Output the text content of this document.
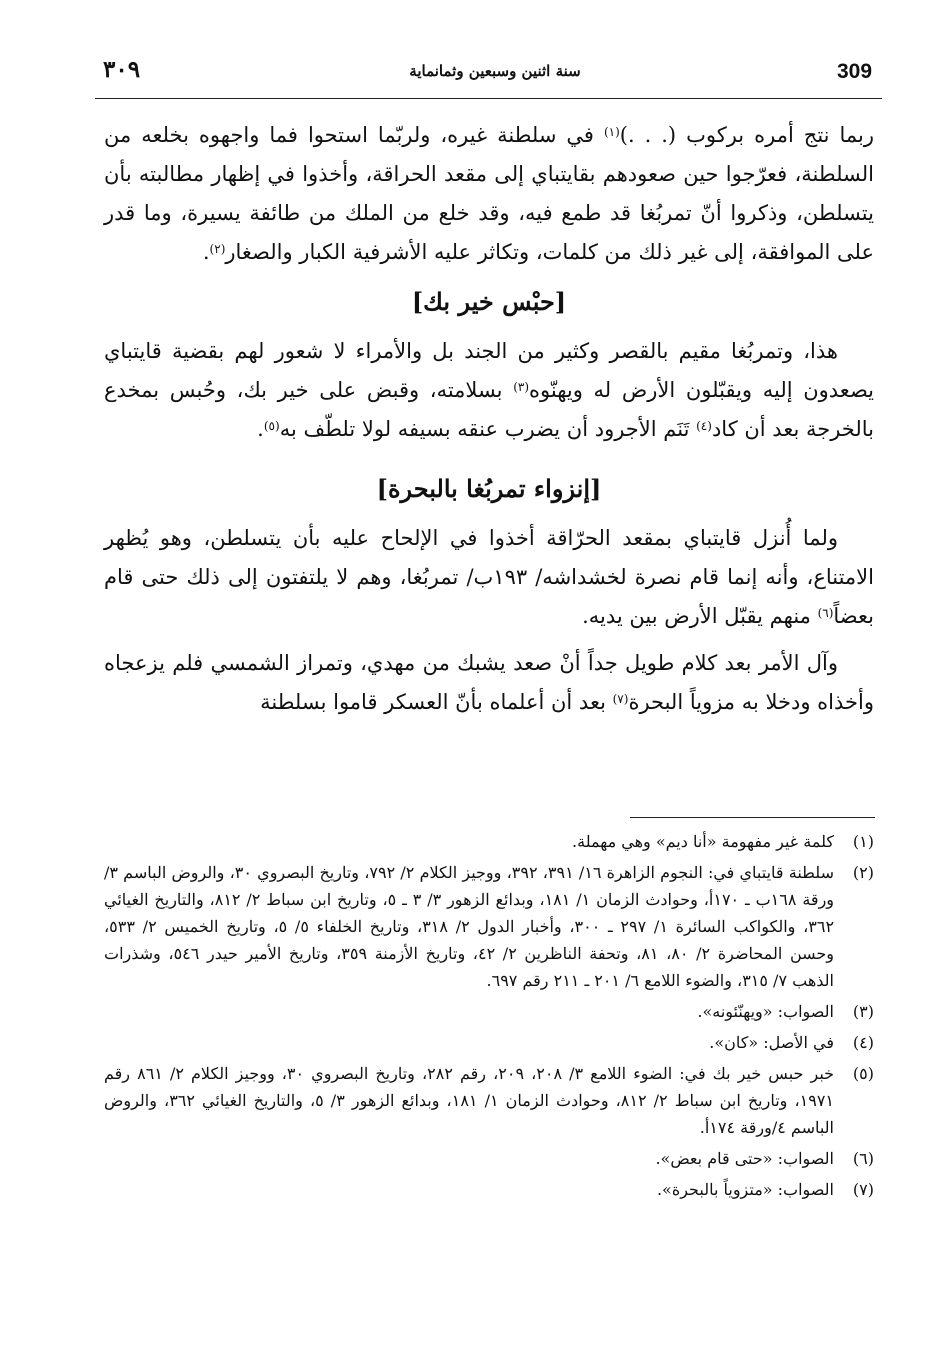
309
سنة اثنين وسبعين وثمانماية
٣٠٩

ربما نتج أمره بركوب (. . .)$^{(١)}$ في سلطنة غيره، ولربّما استحوا فما واجهوه بخلعه من السلطنة، فعرّجوا حين صعودهم بقايتباي إلى مقعد الحراقة، وأخذوا في إظهار مطالبته بأن يتسلطن، وذكروا أنّ تمربُغا قد طمع فيه، وقد خلع من الملك من طائفة يسيرة، وما قدر على الموافقة، إلى غير ذلك من كلمات، وتكاثر عليه الأشرفية الكبار والصغار$^{(٢)}$.

[حبْس خير بك]

هذا، وتمربُغا مقيم بالقصر وكثير من الجند بل والأمراء لا شعور لهم بقضية قايتباي يصعدون إليه ويقبّلون الأرض له ويهنّوه$^{(٣)}$ بسلامته، وقبض على خير بك، وحُبس بمخدع بالخرجة بعد أن كاد$^{(٤)}$ تَنَم الأجرود أن يضرب عنقه بسيفه لولا تلطّف به$^{(٥)}$.

[إنزواء تمربُغا بالبحرة]

ولما أُنزل قايتباي بمقعد الحرّاقة أخذوا في الإلحاح عليه بأن يتسلطن، وهو يُظهر الامتناع، وأنه إنما قام نصرة لخشداشه/ ١٩٣ب/ تمربُغا، وهم لا يلتفتون إلى ذلك حتى قام بعضاً$^{(٦)}$ منهم يقبّل الأرض بين يديه.

وآل الأمر بعد كلام طويل جداً أنْ صعد يشبك من مهدي، وتمراز الشمسي فلم يزعجاه وأخذاه ودخلا به مزوياً البحرة$^{(٧)}$ بعد أن أعلماه بأنّ العسكر قاموا بسلطنة

(١)
كلمة غير مفهومة «أنا ديم» وهي مهملة.
(٢)
سلطنة قايتباي في: النجوم الزاهرة ١٦/ ٣٩١، ٣٩٢، ووجيز الكلام ٢/ ٧٩٢، وتاريخ البصروي ٣٠، والروض الباسم ٣/ورقة ١٦٨ب ـ ١٧٠أ، وحوادث الزمان ١/ ١٨١، وبدائع الزهور ٣/ ٣ ـ ٥، وتاريخ ابن سباط ٢/ ٨١٢، والتاريخ الغيائي ٣٦٢، والكواكب السائرة ١/ ٢٩٧ ـ ٣٠٠، وأخبار الدول ٢/ ٣١٨، وتاريخ الخلفاء ٥/ ٥، وتاريخ الخميس ٢/ ٥٣٣، وحسن المحاضرة ٢/ ٨٠، ٨١، وتحفة الناظرين ٢/ ٤٢، وتاريخ الأزمنة ٣٥٩، وتاريخ الأمير حيدر ٥٤٦، وشذرات الذهب ٧/ ٣١٥، والضوء اللامع ٦/ ٢٠١ ـ ٢١١ رقم ٦٩٧.
(٣)
الصواب: «ويهنّئونه».
(٤)
في الأصل: «كان».
(٥)
خبر حبس خير بك في: الضوء اللامع ٣/ ٢٠٨، ٢٠٩، رقم ٢٨٢، وتاريخ البصروي ٣٠، ووجيز الكلام ٢/ ٨٦١ رقم ١٩٧١، وتاريخ ابن سباط ٢/ ٨١٢، وحوادث الزمان ١/ ١٨١، وبدائع الزهور ٣/ ٥، والتاريخ الغيائي ٣٦٢، والروض الباسم ٤/ورقة ١٧٤أ.
(٦)
الصواب: «حتى قام بعض».
(٧)
الصواب: «متزوياً بالبحرة».
